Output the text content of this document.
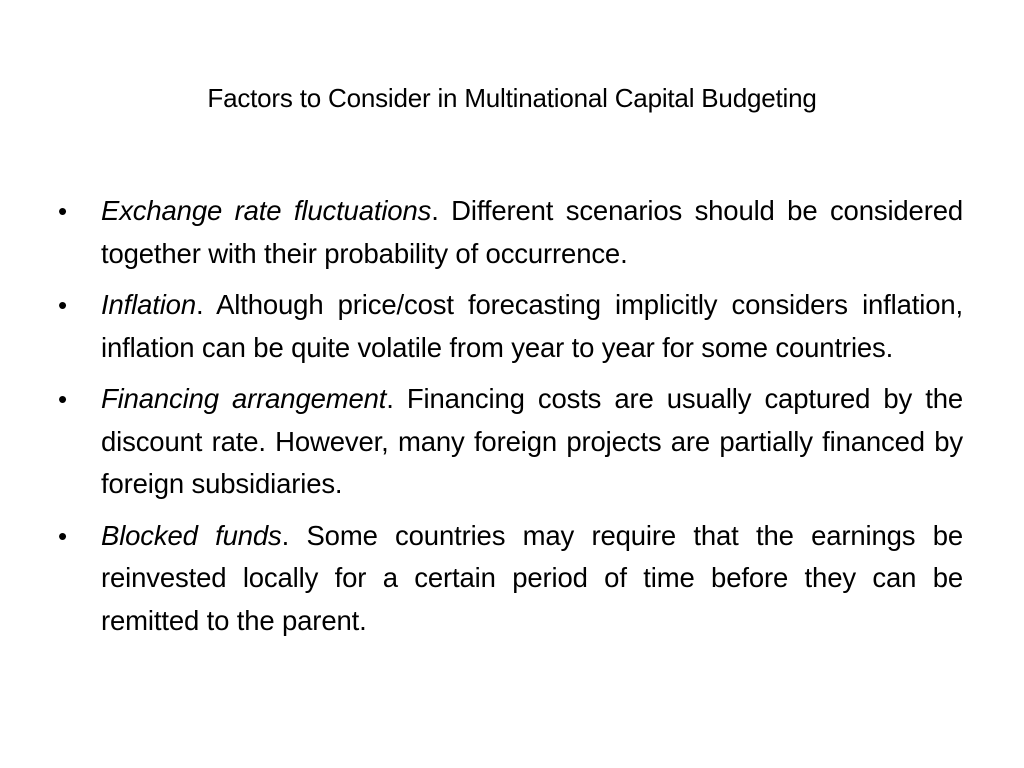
Factors to Consider in Multinational Capital Budgeting
•	Exchange rate fluctuations. Different scenarios should be considered together with their probability of occurrence.
•	Inflation. Although price/cost forecasting implicitly considers inflation, inflation can be quite volatile from year to year for some countries.
•	Financing arrangement. Financing costs are usually captured by the discount rate. However, many foreign projects are partially financed by foreign subsidiaries.
•	Blocked funds. Some countries may require that the earnings be reinvested locally for a certain period of time before they can be remitted to the parent.
